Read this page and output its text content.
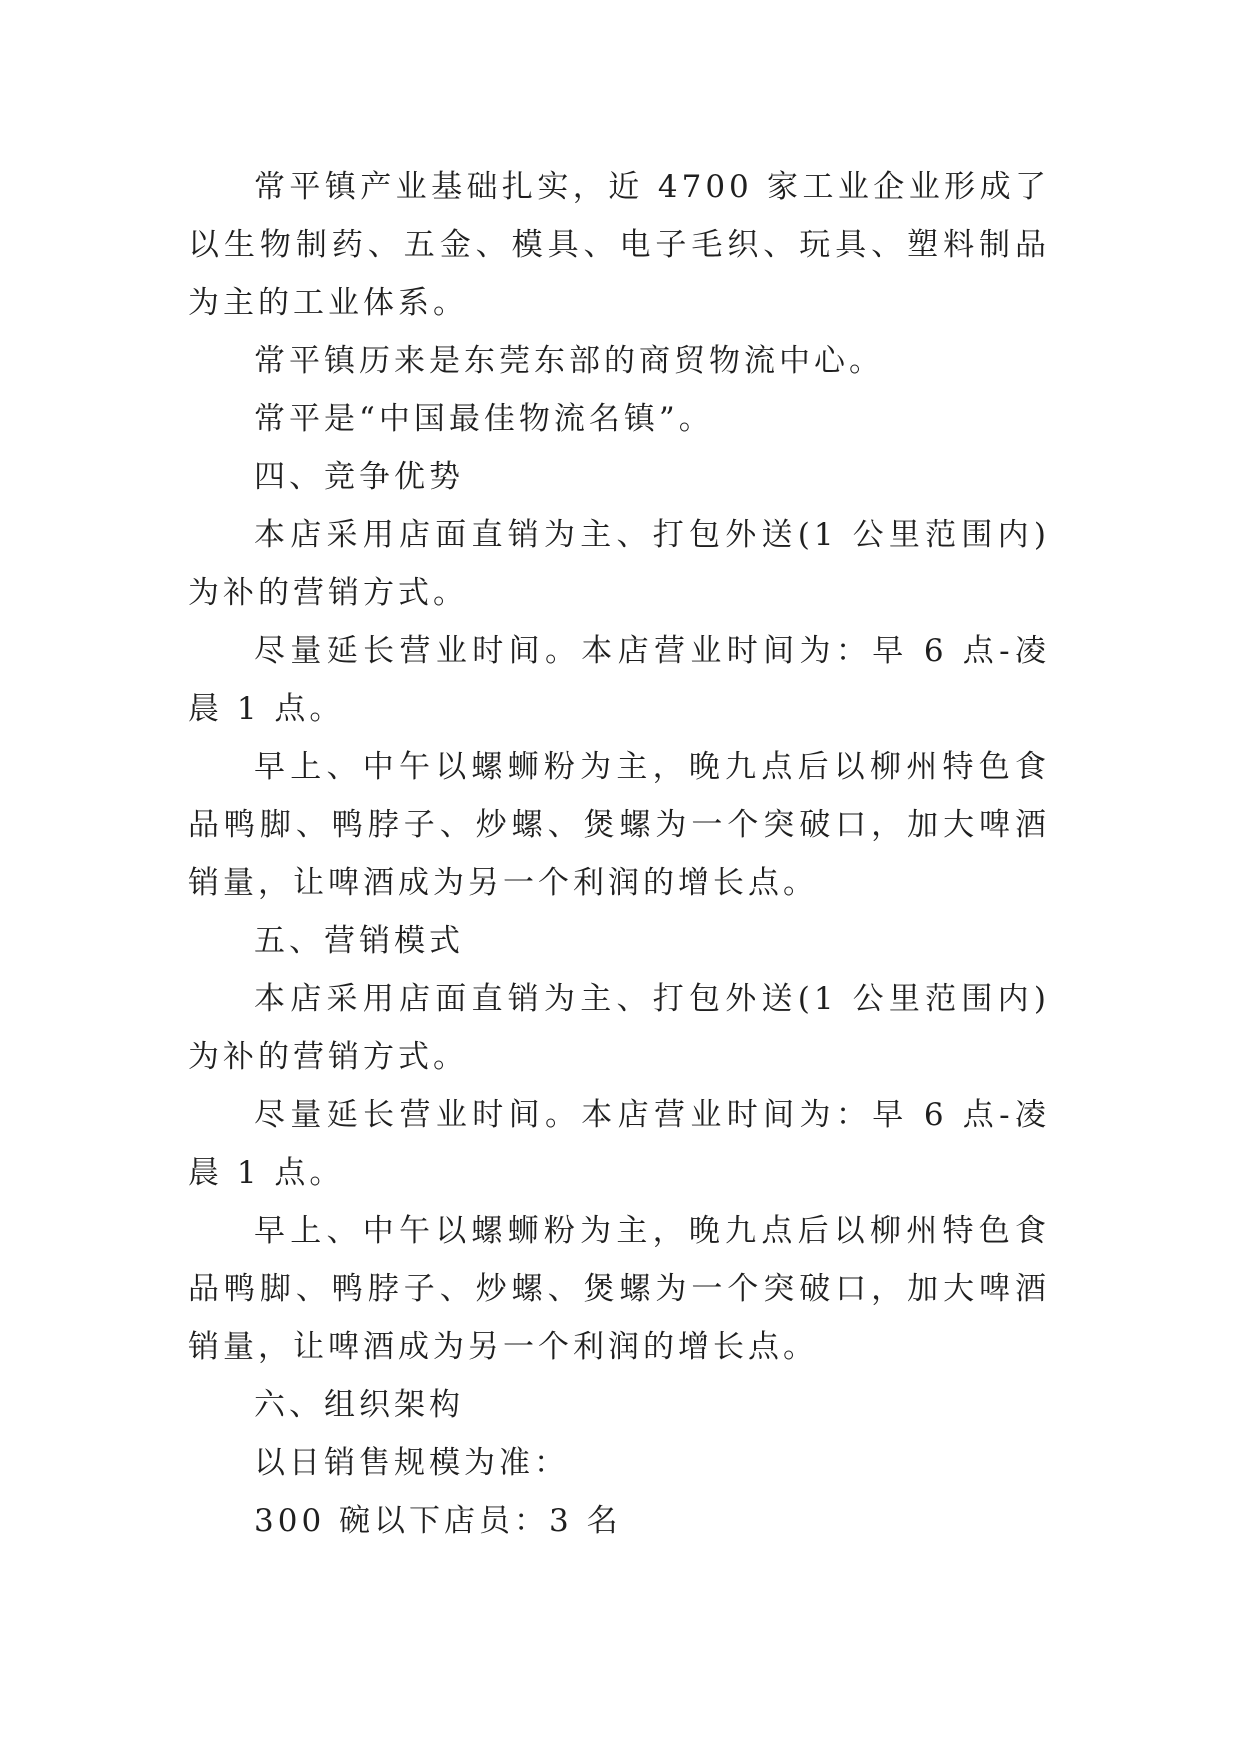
常平镇产业基础扎实，近 4700 家工业企业形成了以生物制药、五金、模具、电子毛织、玩具、塑料制品为主的工业体系。

常平镇历来是东莞东部的商贸物流中心。

常平是“中国最佳物流名镇”。

四、竞争优势

本店采用店面直销为主、打包外送(1 公里范围内)为补的营销方式。

尽量延长营业时间。本店营业时间为：早 6 点-凌晨 1 点。

早上、中午以螺蛳粉为主，晚九点后以柳州特色食品鸭脚、鸭脖子、炒螺、煲螺为一个突破口，加大啤酒销量，让啤酒成为另一个利润的增长点。

五、营销模式

本店采用店面直销为主、打包外送(1 公里范围内)为补的营销方式。

尽量延长营业时间。本店营业时间为：早 6 点-凌晨 1 点。

早上、中午以螺蛳粉为主，晚九点后以柳州特色食品鸭脚、鸭脖子、炒螺、煲螺为一个突破口，加大啤酒销量，让啤酒成为另一个利润的增长点。

六、组织架构

以日销售规模为准：

300 碗以下店员：3 名
